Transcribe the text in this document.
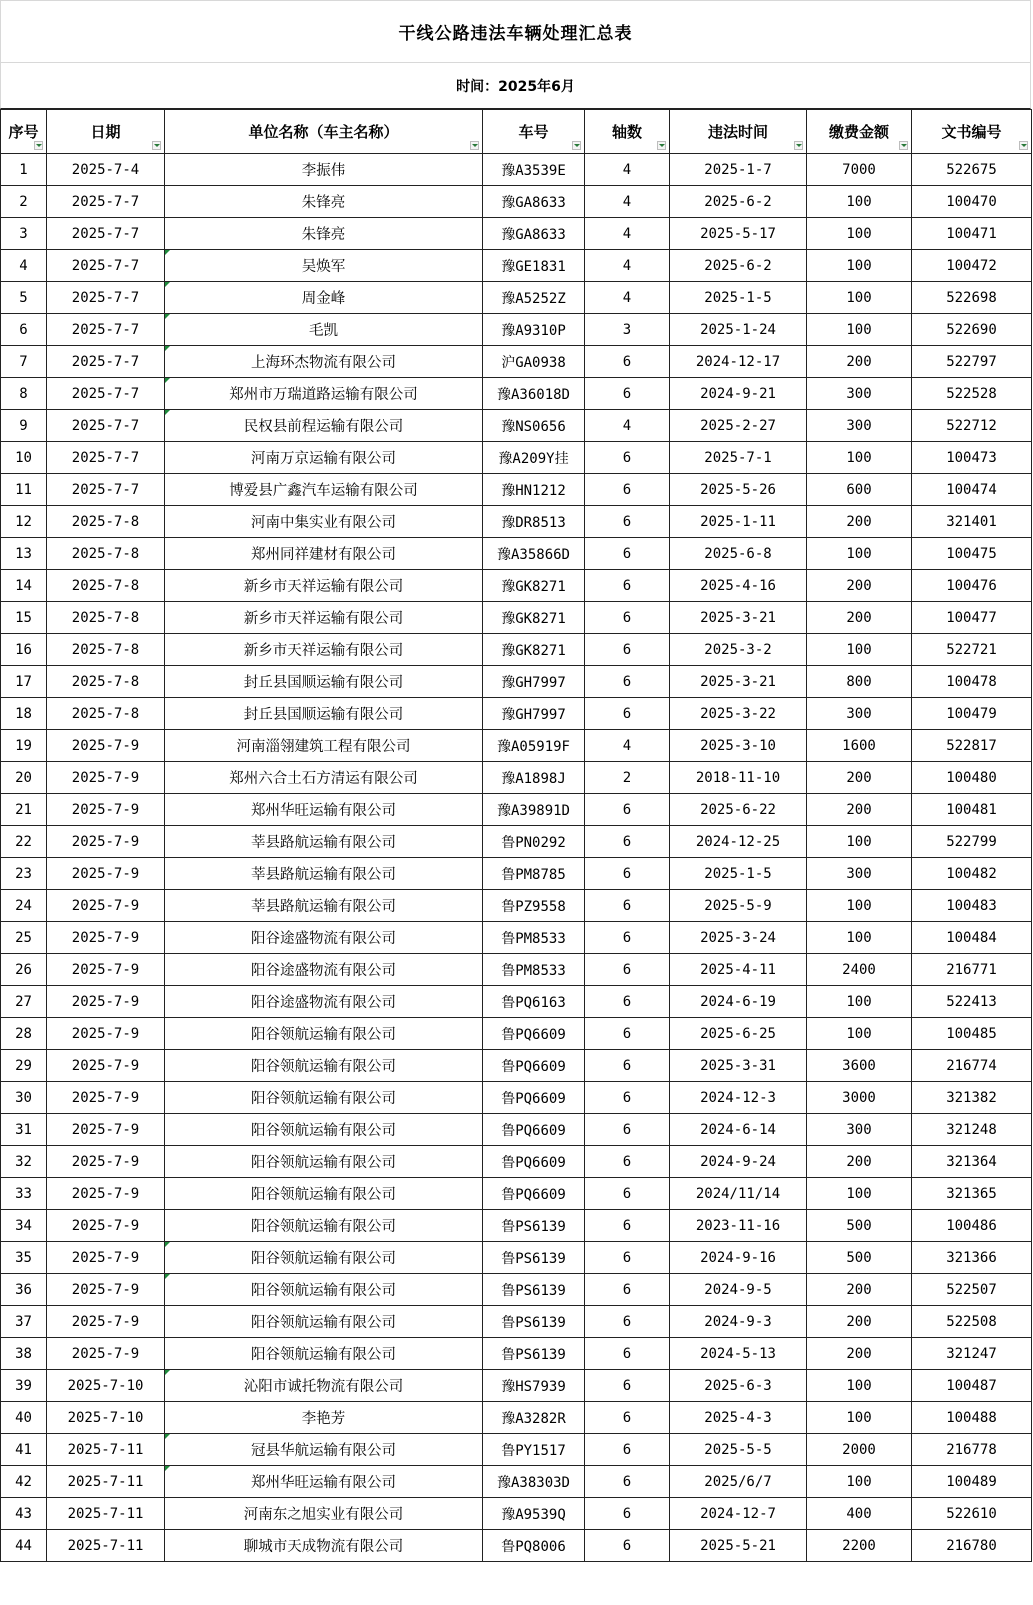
干线公路违法车辆处理汇总表
时间：2025年6月
序号	日期	单位名称（车主名称）	车号	轴数	违法时间	缴费金额	文书编号

1	2025-7-4	李振伟	豫A3539E	4	2025-1-7	7000	522675
2	2025-7-7	朱锋亮	豫GA8633	4	2025-6-2	100	100470
3	2025-7-7	朱锋亮	豫GA8633	4	2025-5-17	100	100471
4	2025-7-7	吴焕军	豫GE1831	4	2025-6-2	100	100472
5	2025-7-7	周金峰	豫A5252Z	4	2025-1-5	100	522698
6	2025-7-7	毛凯	豫A9310P	3	2025-1-24	100	522690
7	2025-7-7	上海环杰物流有限公司	沪GA0938	6	2024-12-17	200	522797
8	2025-7-7	郑州市万瑞道路运输有限公司	豫A36018D	6	2024-9-21	300	522528
9	2025-7-7	民权县前程运输有限公司	豫NS0656	4	2025-2-27	300	522712
10	2025-7-7	河南万京运输有限公司	豫A209Y挂	6	2025-7-1	100	100473
11	2025-7-7	博爱县广鑫汽车运输有限公司	豫HN1212	6	2025-5-26	600	100474
12	2025-7-8	河南中集实业有限公司	豫DR8513	6	2025-1-11	200	321401
13	2025-7-8	郑州同祥建材有限公司	豫A35866D	6	2025-6-8	100	100475
14	2025-7-8	新乡市天祥运输有限公司	豫GK8271	6	2025-4-16	200	100476
15	2025-7-8	新乡市天祥运输有限公司	豫GK8271	6	2025-3-21	200	100477
16	2025-7-8	新乡市天祥运输有限公司	豫GK8271	6	2025-3-2	100	522721
17	2025-7-8	封丘县国顺运输有限公司	豫GH7997	6	2025-3-21	800	100478
18	2025-7-8	封丘县国顺运输有限公司	豫GH7997	6	2025-3-22	300	100479
19	2025-7-9	河南淄翎建筑工程有限公司	豫A05919F	4	2025-3-10	1600	522817
20	2025-7-9	郑州六合土石方清运有限公司	豫A1898J	2	2018-11-10	200	100480
21	2025-7-9	郑州华旺运输有限公司	豫A39891D	6	2025-6-22	200	100481
22	2025-7-9	莘县路航运输有限公司	鲁PN0292	6	2024-12-25	100	522799
23	2025-7-9	莘县路航运输有限公司	鲁PM8785	6	2025-1-5	300	100482
24	2025-7-9	莘县路航运输有限公司	鲁PZ9558	6	2025-5-9	100	100483
25	2025-7-9	阳谷途盛物流有限公司	鲁PM8533	6	2025-3-24	100	100484
26	2025-7-9	阳谷途盛物流有限公司	鲁PM8533	6	2025-4-11	2400	216771
27	2025-7-9	阳谷途盛物流有限公司	鲁PQ6163	6	2024-6-19	100	522413
28	2025-7-9	阳谷领航运输有限公司	鲁PQ6609	6	2025-6-25	100	100485
29	2025-7-9	阳谷领航运输有限公司	鲁PQ6609	6	2025-3-31	3600	216774
30	2025-7-9	阳谷领航运输有限公司	鲁PQ6609	6	2024-12-3	3000	321382
31	2025-7-9	阳谷领航运输有限公司	鲁PQ6609	6	2024-6-14	300	321248
32	2025-7-9	阳谷领航运输有限公司	鲁PQ6609	6	2024-9-24	200	321364
33	2025-7-9	阳谷领航运输有限公司	鲁PQ6609	6	2024/11/14	100	321365
34	2025-7-9	阳谷领航运输有限公司	鲁PS6139	6	2023-11-16	500	100486
35	2025-7-9	阳谷领航运输有限公司	鲁PS6139	6	2024-9-16	500	321366
36	2025-7-9	阳谷领航运输有限公司	鲁PS6139	6	2024-9-5	200	522507
37	2025-7-9	阳谷领航运输有限公司	鲁PS6139	6	2024-9-3	200	522508
38	2025-7-9	阳谷领航运输有限公司	鲁PS6139	6	2024-5-13	200	321247
39	2025-7-10	沁阳市诚托物流有限公司	豫HS7939	6	2025-6-3	100	100487
40	2025-7-10	李艳芳	豫A3282R	6	2025-4-3	100	100488
41	2025-7-11	冠县华航运输有限公司	鲁PY1517	6	2025-5-5	2000	216778
42	2025-7-11	郑州华旺运输有限公司	豫A38303D	6	2025/6/7	100	100489
43	2025-7-11	河南东之旭实业有限公司	豫A9539Q	6	2024-12-7	400	522610
44	2025-7-11	聊城市天成物流有限公司	鲁PQ8006	6	2025-5-21	2200	216780
